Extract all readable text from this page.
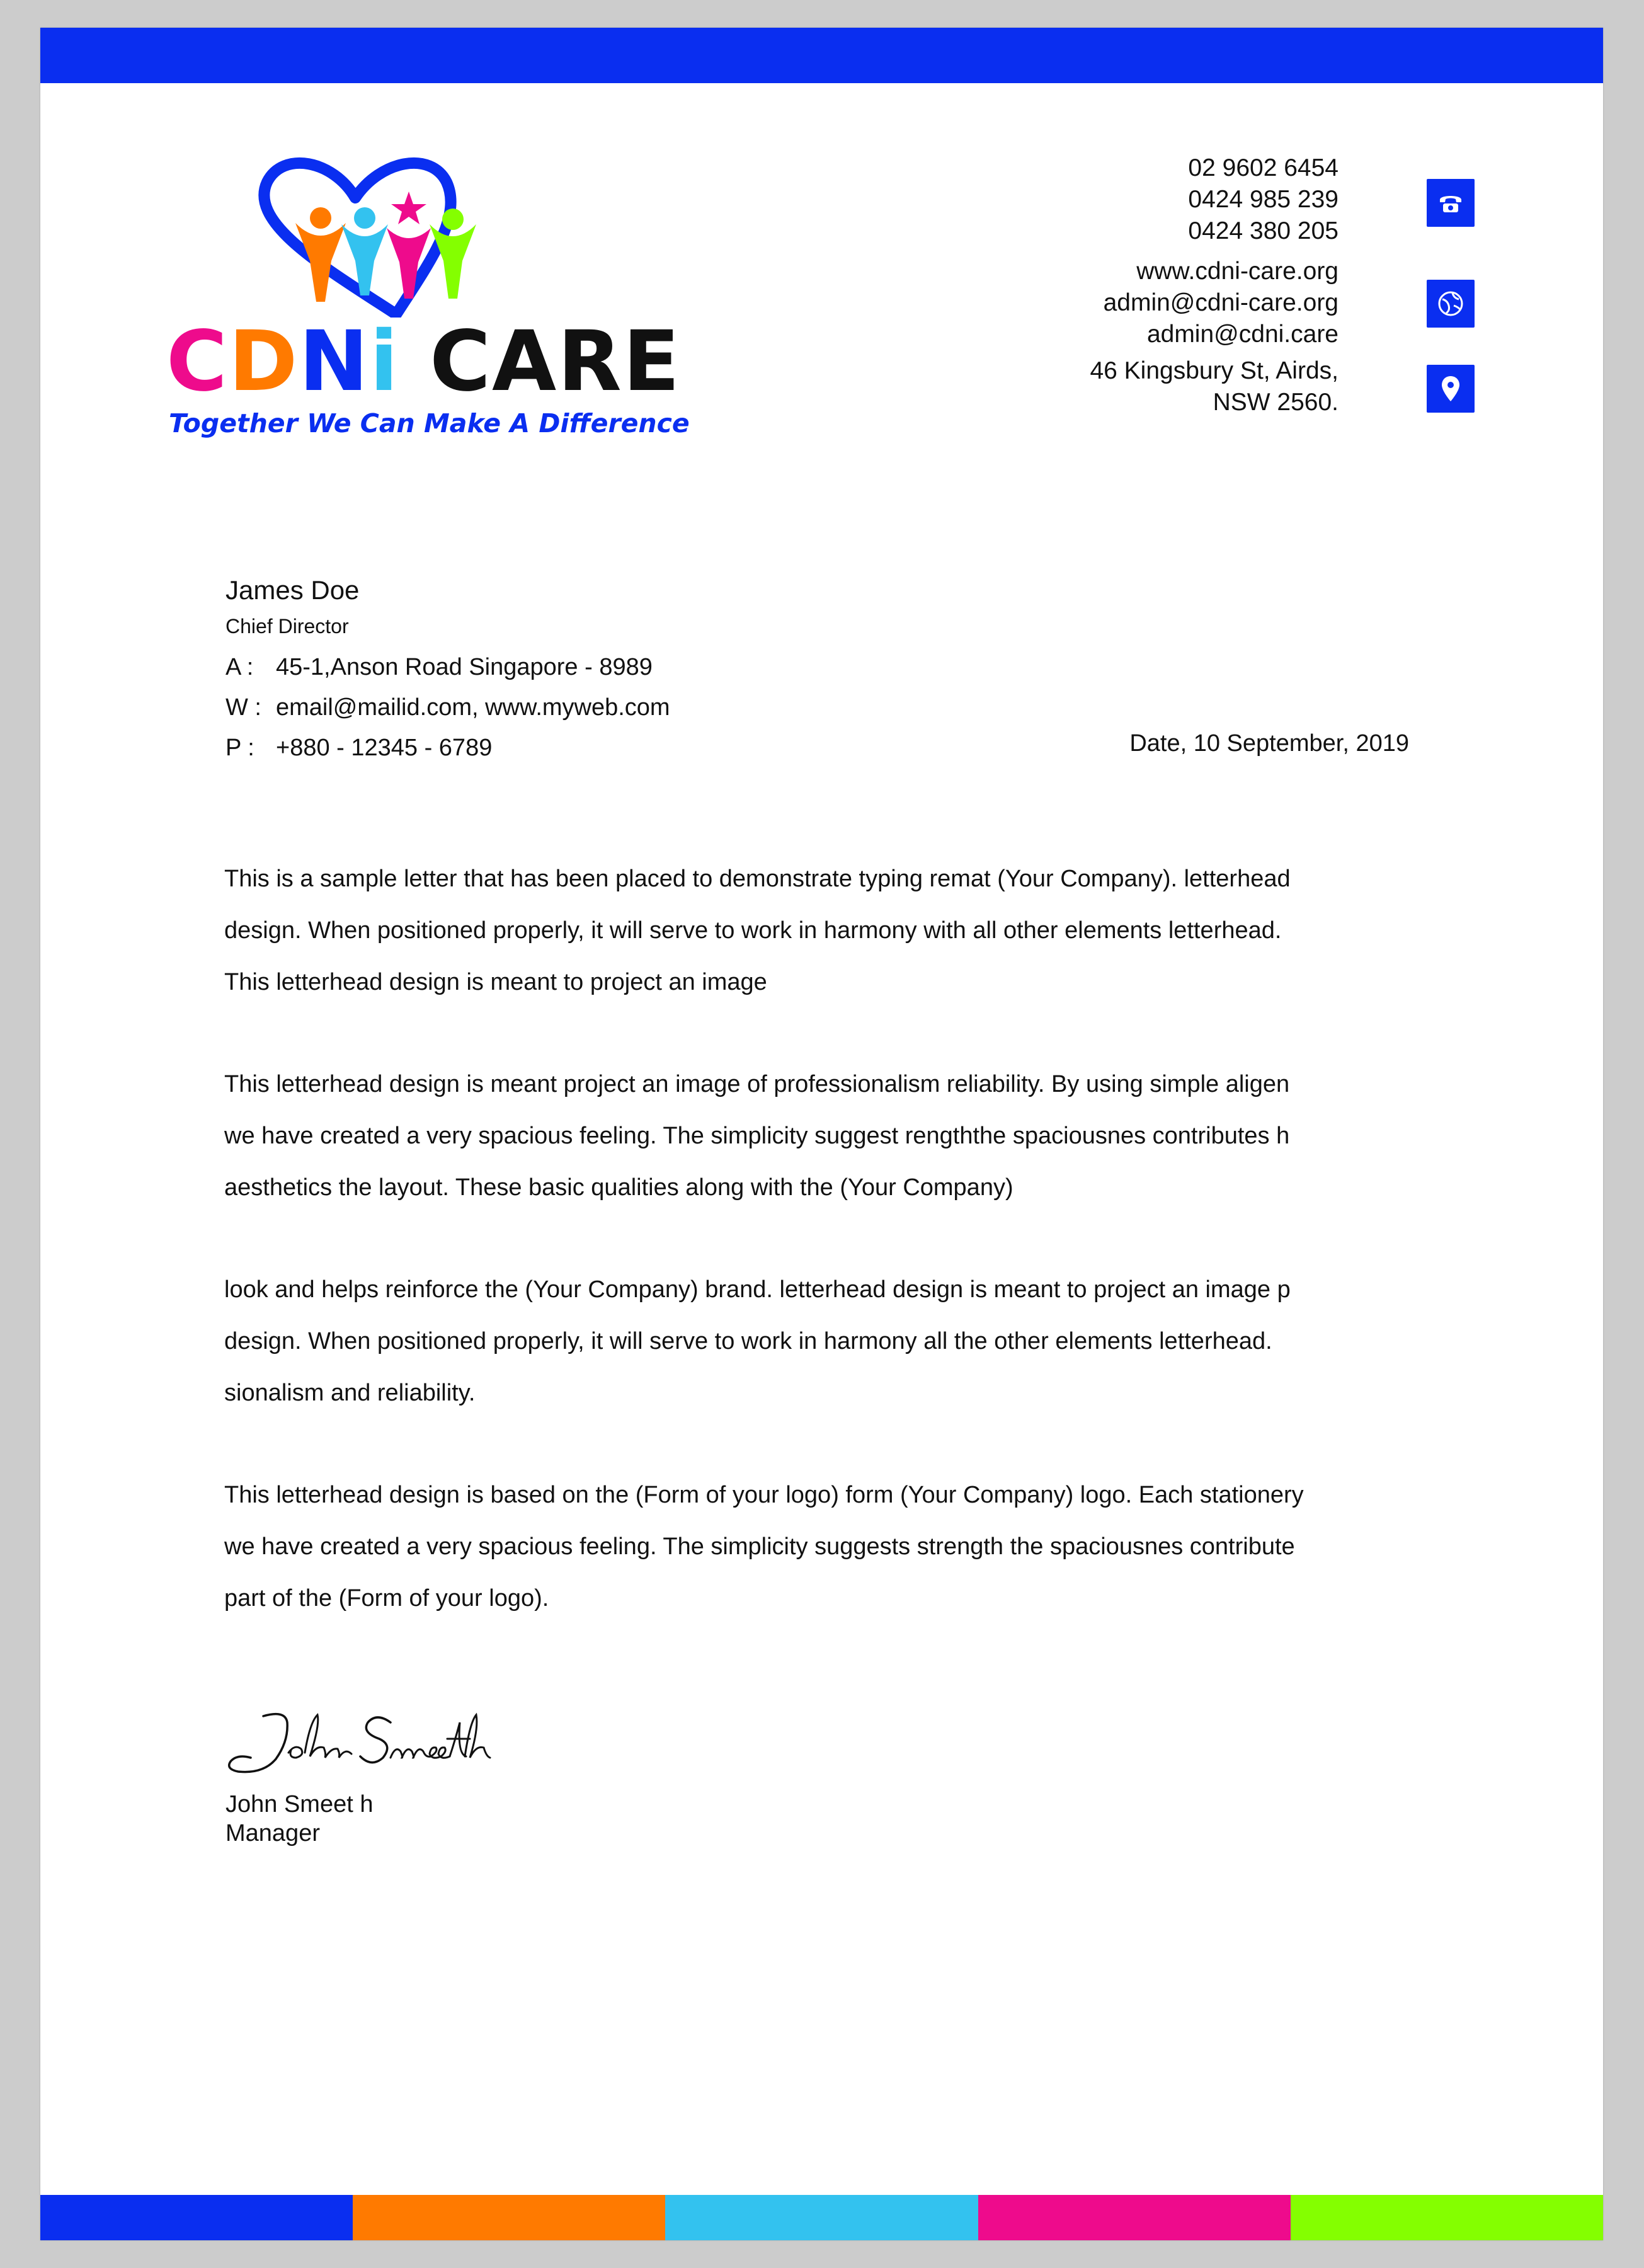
CDNi CARE
Together We Can Make A Difference
02 9602 6454
0424 985 239
0424 380 205
www.cdni-care.org
admin@cdni-care.org
admin@cdni.care
46 Kingsbury St, Airds,
NSW 2560.
James Doe
Chief Director
A : 45-1,Anson Road Singapore - 8989
W : email@mailid.com, www.myweb.com
P : +880 - 12345 - 6789	Date, 10 September, 2019
This is a sample letter that has been placed to demonstrate typing remat (Your Company). letterhead
design. When positioned properly, it will serve to work in harmony with all other elements letterhead.
This letterhead design is meant to project an image
This letterhead design is meant project an image of professionalism reliability. By using simple aligen
we have created a very spacious feeling. The simplicity suggest rengththe spaciousnes contributes h
aesthetics the layout. These basic qualities along with the (Your Company)
look and helps reinforce the (Your Company) brand. letterhead design is meant to project an image p
design. When positioned properly, it will serve to work in harmony all the other elements letterhead.
sionalism and reliability.
This letterhead design is based on the (Form of your logo) form (Your Company) logo. Each stationery
we have created a very spacious feeling. The simplicity suggests strength the spaciousnes contribute
part of the (Form of your logo).
John Smeet h
Manager
